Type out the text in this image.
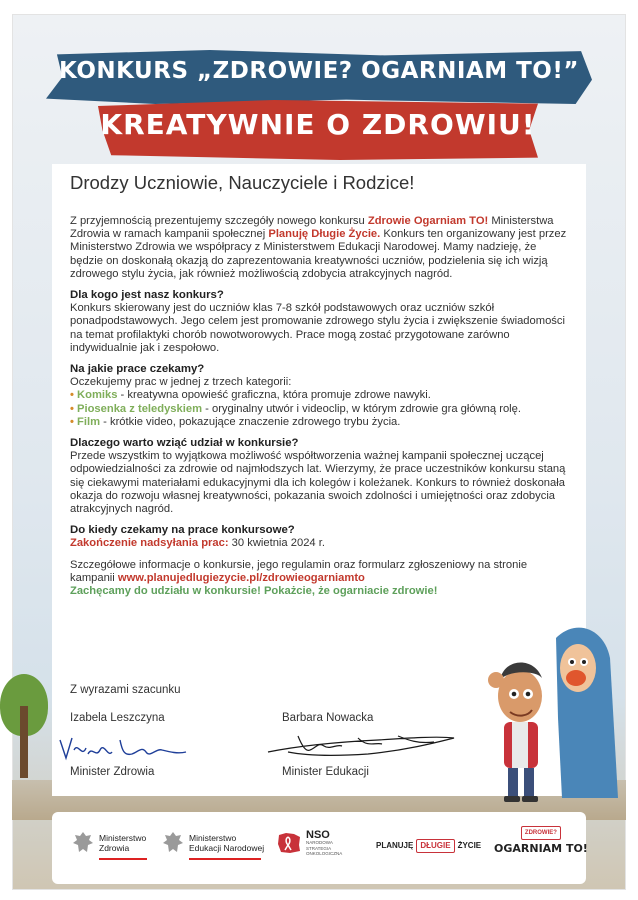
KONKURS „ZDROWIE? OGARNIAM TO!”
KREATYWNIE O ZDROWIU!
Drodzy Uczniowie, Nauczyciele i Rodzice!

Z przyjemnością prezentujemy szczegóły nowego konkursu Zdrowie Ogarniam TO! Ministerstwa Zdrowia w ramach kampanii społecznej Planuję Długie Życie. Konkurs ten organizowany jest przez Ministerstwo Zdrowia we współpracy z Ministerstwem Edukacji Narodowej. Mamy nadzieję, że będzie on doskonałą okazją do zaprezentowania kreatywności uczniów, podzielenia się ich wizją zdrowego stylu życia, jak również możliwością zdobycia atrakcyjnych nagród.

Dla kogo jest nasz konkurs?

Konkurs skierowany jest do uczniów klas 7-8 szkół podstawowych oraz uczniów szkół ponadpodstawowych. Jego celem jest promowanie zdrowego stylu życia i zwiększenie świadomości na temat profilaktyki chorób nowotworowych. Prace mogą zostać przygotowane zarówno indywidualnie jak i zespołowo.

Na jakie prace czekamy?

Oczekujemy prac w jednej z trzech kategorii:
• Komiks - kreatywna opowieść graficzna, która promuje zdrowe nawyki.
• Piosenka z teledyskiem - oryginalny utwór i videoclip, w którym zdrowie gra główną rolę.
• Film - krótkie video, pokazujące znaczenie zdrowego trybu życia.

Dlaczego warto wziąć udział w konkursie?

Przede wszystkim to wyjątkowa możliwość współtworzenia ważnej kampanii społecznej uczącej odpowiedzialności za zdrowie od najmłodszych lat. Wierzymy, że prace uczestników konkursu staną się ciekawymi materiałami edukacyjnymi dla ich kolegów i koleżanek. Konkurs to również doskonała okazja do rozwoju własnej kreatywności, pokazania swoich zdolności i umiejętności oraz zdobycia atrakcyjnych nagród.

Do kiedy czekamy na prace konkursowe?

Zakończenie nadsyłania prac: 30 kwietnia 2024 r.

Szczegółowe informacje o konkursie, jego regulamin oraz formularz zgłoszeniowy na stronie kampanii www.planujedlugiezycie.pl/zdrowieogarniamto
Zachęcamy do udziału w konkursie! Pokażcie, że ogarniacie zdrowie!

Z wyrazami szacunku
Izabela Leszczyna
Minister Zdrowia
Barbara Nowacka
Minister Edukacji
Ministerstwo
Zdrowia
Ministerstwo
Edukacji Narodowej
NSO
NARODOWA STRATEGIA ONKOLOGICZNA
PLANUJĘ DŁUGIE ŻYCIE
ZDROWIE?
OGARNIAM TO!
